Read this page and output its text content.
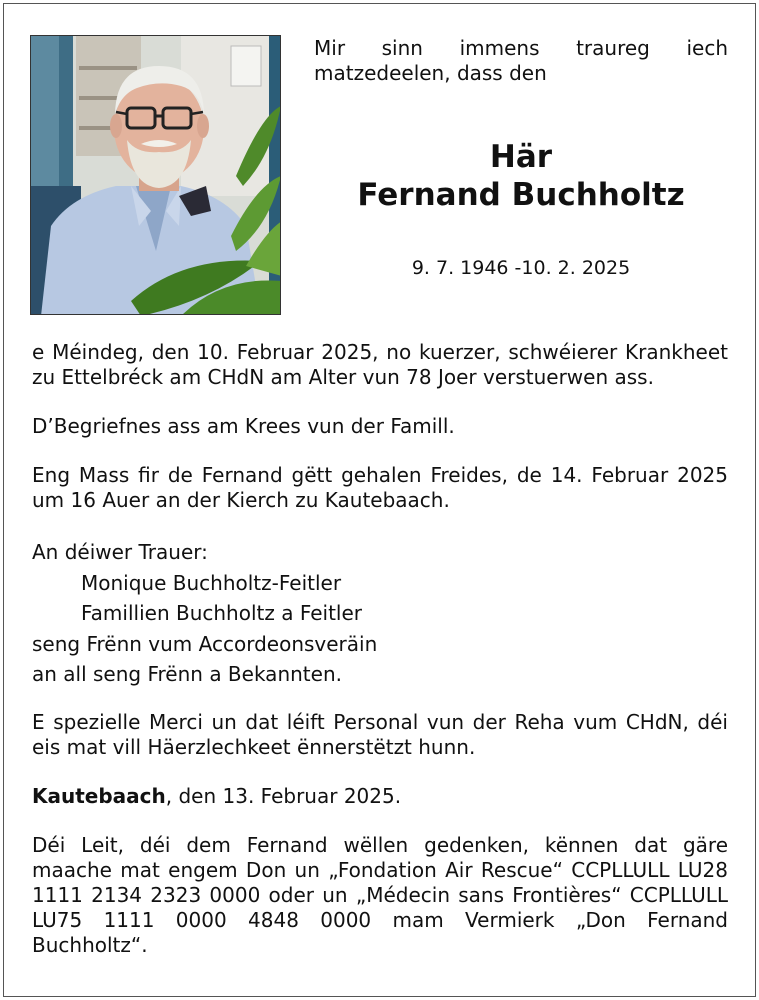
Mir sinn immens traureg iech matzedeelen, dass den
Här
Fernand Buchholtz
9. 7. 1946 -10. 2. 2025

e Méindeg, den 10. Februar 2025, no kuerzer, schwéierer Krankheet zu Ettelbréck am CHdN am Alter vun 78 Joer verstuerwen ass.

D’Begriefnes ass am Krees vun der Famill.

Eng Mass fir de Fernand gëtt gehalen Freides, de 14. Februar 2025 um 16 Auer an der Kierch zu Kautebaach.

An déiwer Trauer:
Monique Buchholtz-Feitler
Famillien Buchholtz a Feitler
seng Frënn vum Accordeonsveräin
an all seng Frënn a Bekannten.

E spezielle Merci un dat léift Personal vun der Reha vum CHdN, déi eis mat vill Häerzlechkeet ënnerstëtzt hunn.

Kautebaach, den 13. Februar 2025.

Déi Leit, déi dem Fernand wëllen gedenken, kënnen dat gäre maache mat engem Don un „Fondation Air Rescue“ CCPLLULL LU28 1111 2134 2323 0000 oder un „Médecin sans Frontières“ CCPLLULL LU75 1111 0000 4848 0000 mam Vermierk „Don Fernand Buchholtz“.
